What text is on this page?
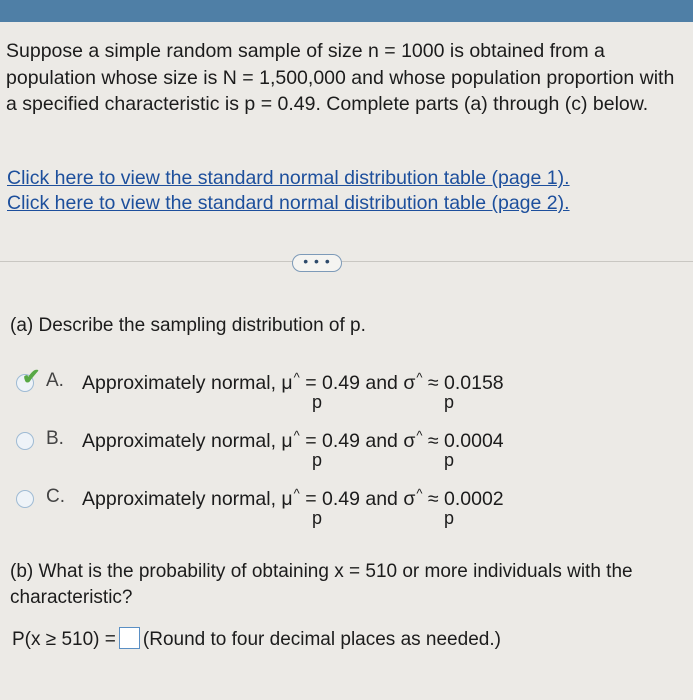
Suppose a simple random sample of size n = 1000 is obtained from a population whose size is N = 1,500,000 and whose population proportion with a specified characteristic is p = 0.49. Complete parts (a) through (c) below.

Click here to view the standard normal distribution table (page 1).
Click here to view the standard normal distribution table (page 2).
• • •
(a) Describe the sampling distribution of p.
✔ A. Approximately normal, μ^ = 0.49 and σ^ ≈ 0.0158
p	p
B. Approximately normal, μ^ = 0.49 and σ^ ≈ 0.0004
p	p
C. Approximately normal, μ^ = 0.49 and σ^ ≈ 0.0002
p	p
(b) What is the probability of obtaining x = 510 or more individuals with the characteristic?
P(x ≥ 510) = (Round to four decimal places as needed.)
